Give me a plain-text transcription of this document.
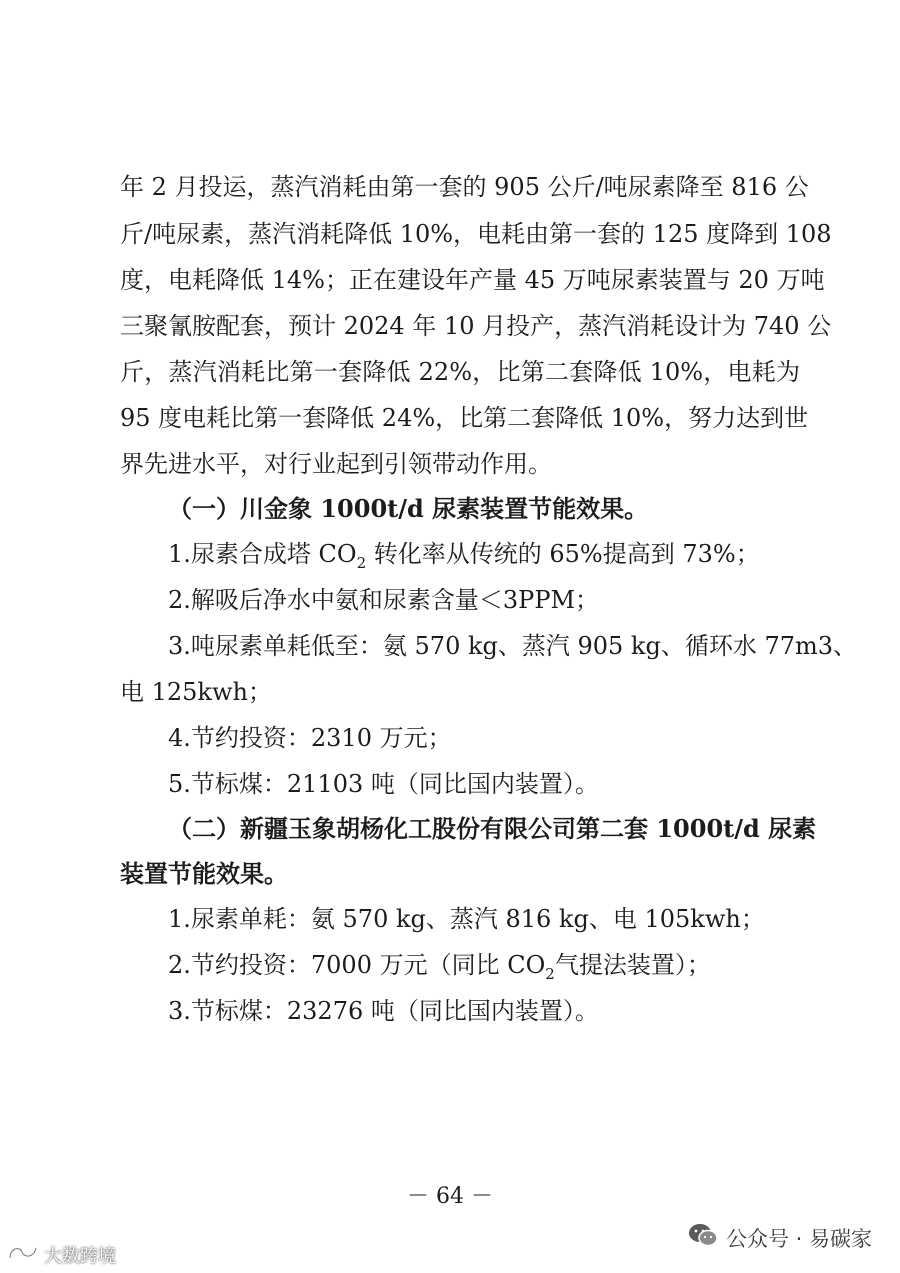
年 2 月投运，蒸汽消耗由第一套的 905 公斤/吨尿素降至 816 公
斤/吨尿素，蒸汽消耗降低 10%，电耗由第一套的 125 度降到 108
度，电耗降低 14%；正在建设年产量 45 万吨尿素装置与 20 万吨
三聚氰胺配套，预计 2024 年 10 月投产，蒸汽消耗设计为 740 公
斤，蒸汽消耗比第一套降低 22%，比第二套降低 10%，电耗为
95 度电耗比第一套降低 24%，比第二套降低 10%，努力达到世
界先进水平，对行业起到引领带动作用。
（一）川金象 1000t/d 尿素装置节能效果。
1.尿素合成塔 $CO_2$ 转化率从传统的 65%提高到 73%；
2.解吸后净水中氨和尿素含量＜3PPM；
3.吨尿素单耗低至：氨 570 kg、蒸汽 905 kg、循环水 77m3、
电 125kwh；
4.节约投资：2310 万元；
5.节标煤：21103 吨（同比国内装置）。
（二）新疆玉象胡杨化工股份有限公司第二套 1000t/d 尿素
装置节能效果。
1.尿素单耗：氨 570 kg、蒸汽 816 kg、电 105kwh；
2.节约投资：7000 万元（同比 $CO_2$气提法装置）；
3.节标煤：23276 吨（同比国内装置）。
－ 64 －
公众号 · 易碳家
大数跨境
